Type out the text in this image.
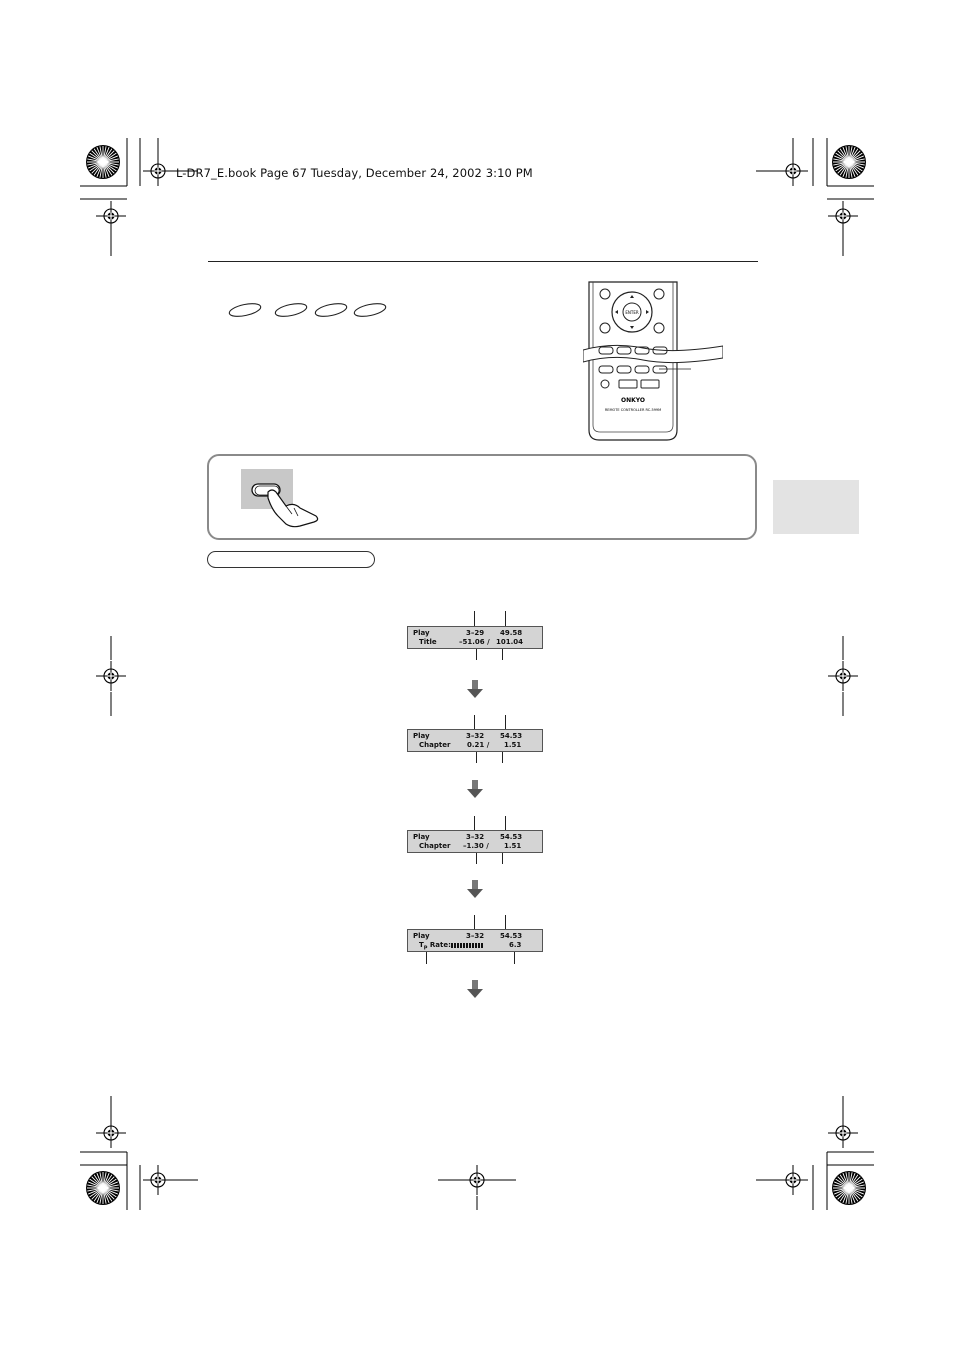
L-DR7_E.book Page 67 Tuesday, December 24, 2002 3:10 PM
ENTER
ONKYO
REMOTE CONTROLLER RC-599M
Play	3–29 49.58
Title	–51.06 / 101.04
Play	3–32 54.53
Chapter 0.21 / 1.51
Play	3–32 54.53
Chapter –1.30 / 1.51
Play	3–32 54.53
$T_P$ Rate:	6.3
